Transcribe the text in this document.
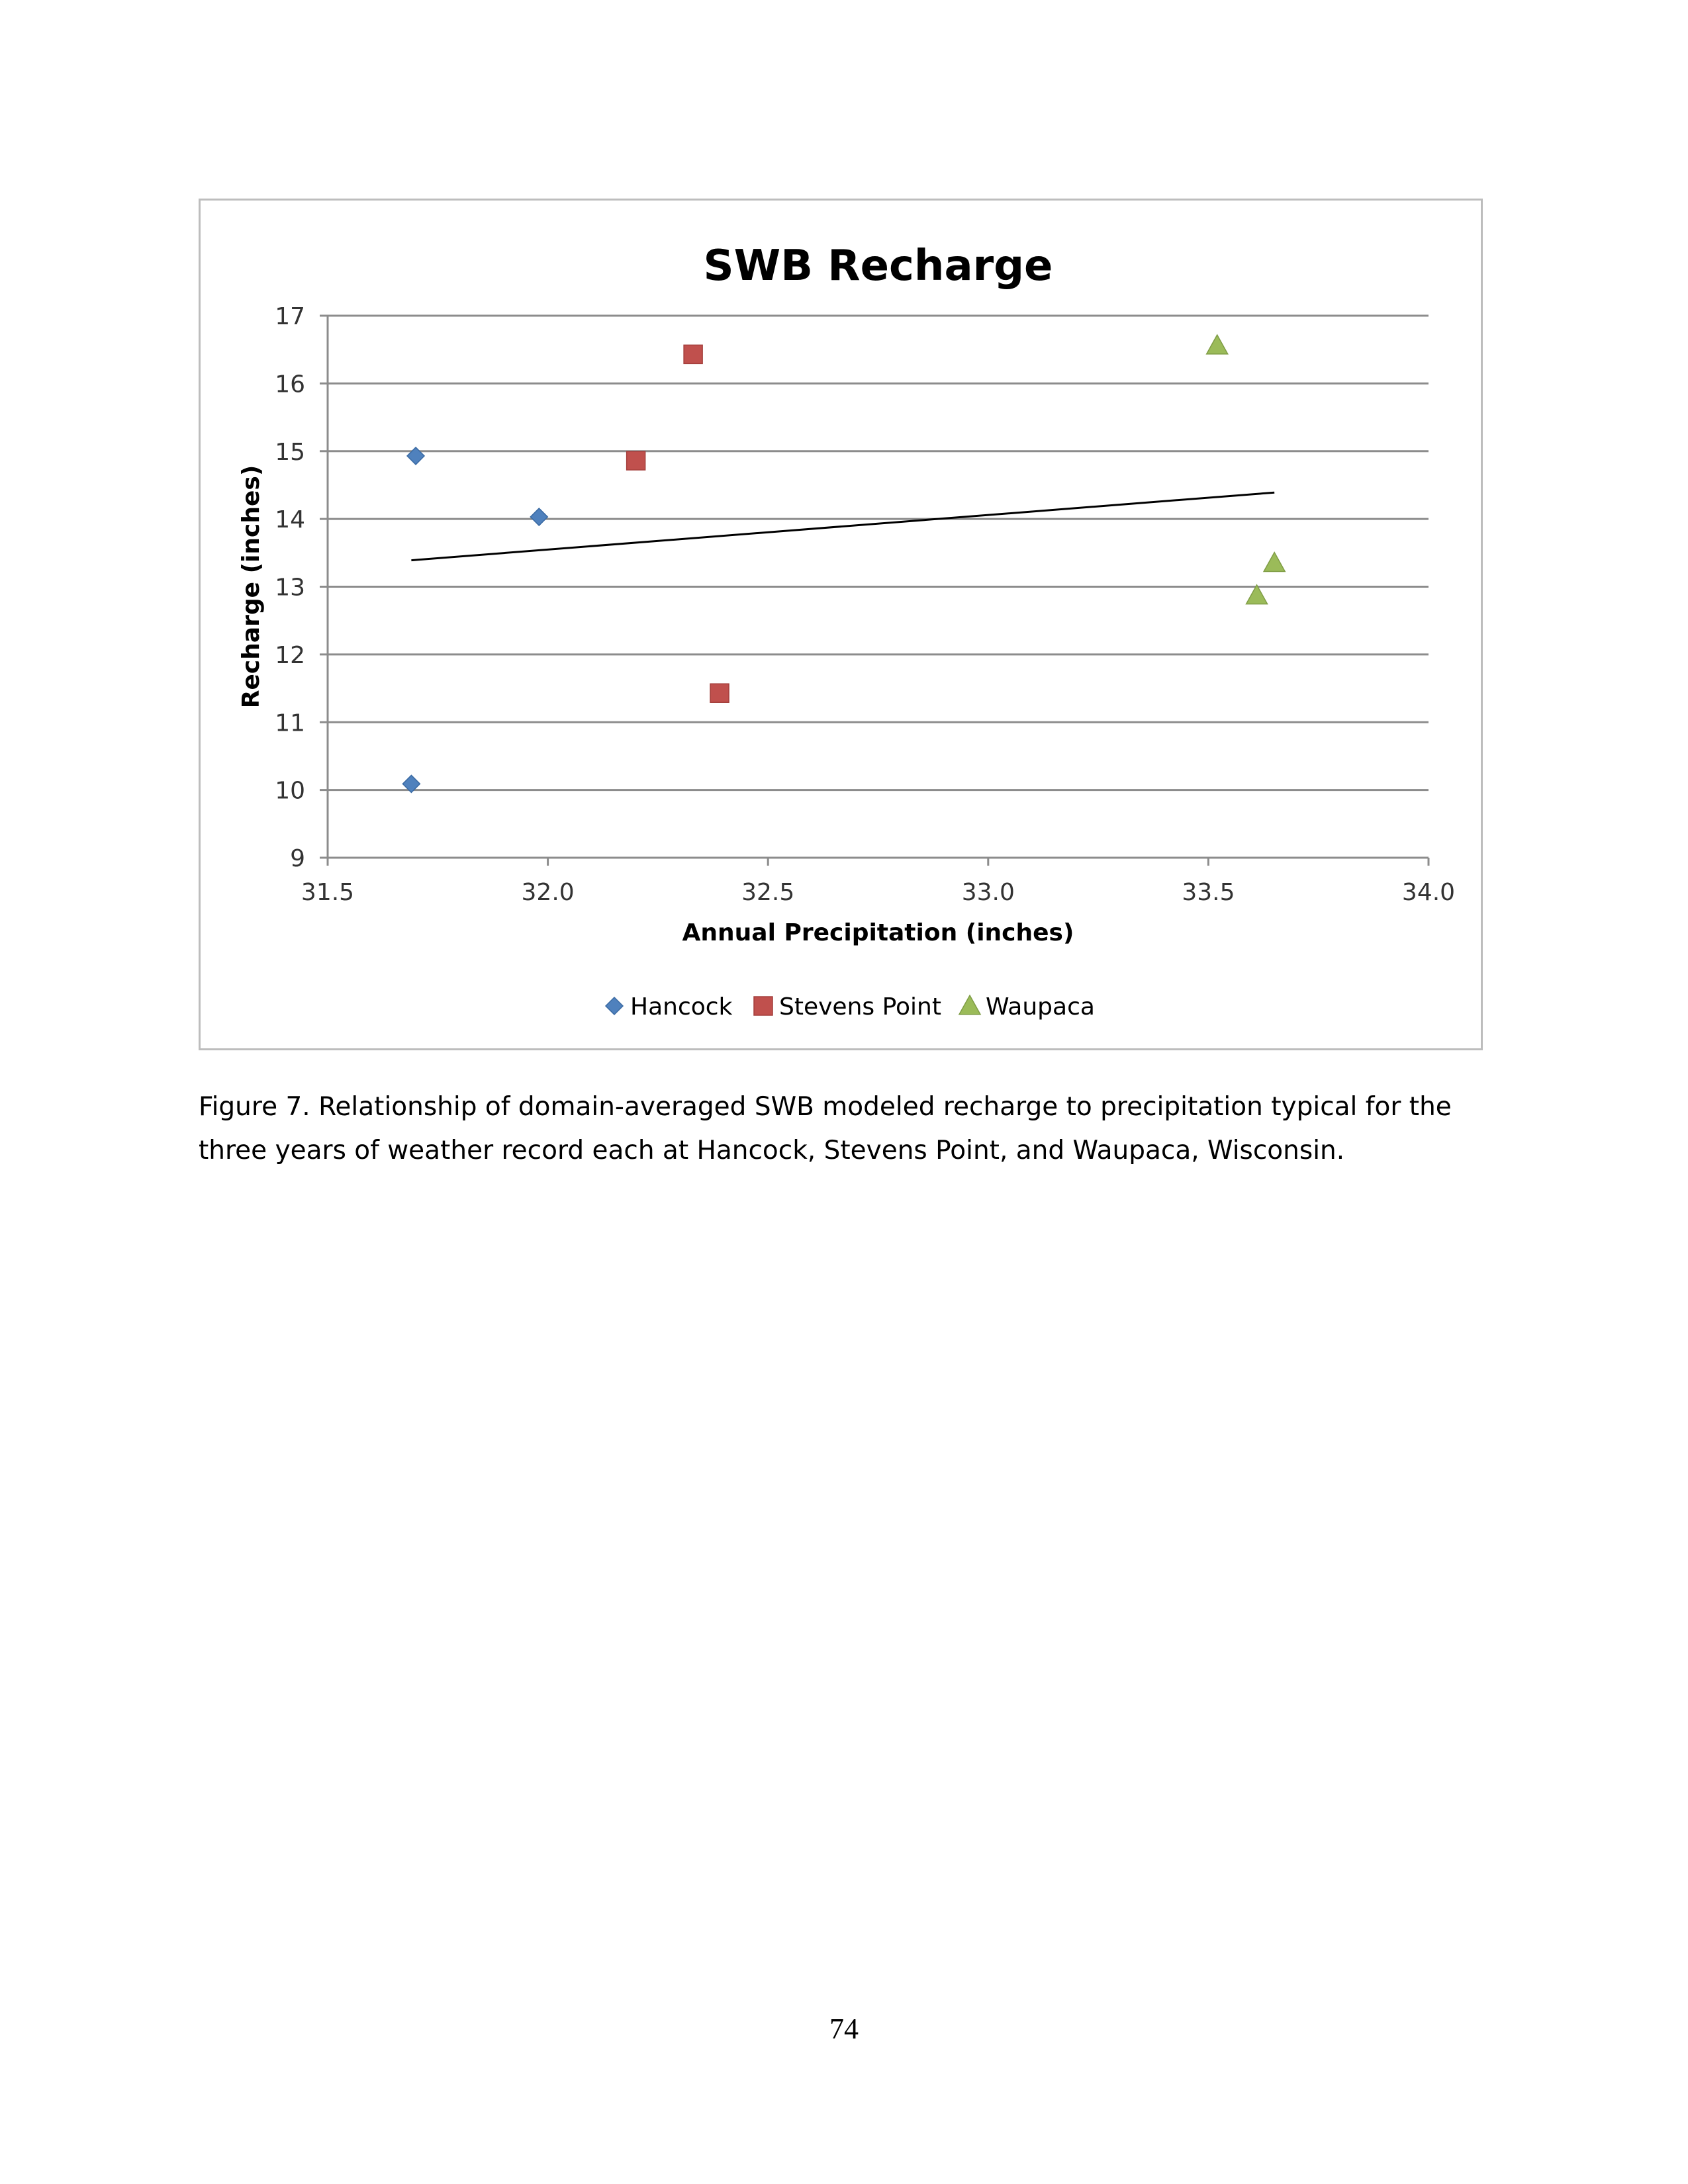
SWB Recharge
9
10
11
12
13
14
15
16
17
31.5	32.0	32.5	33.0	33.5	34.0
Annual Precipitation (inches)
Recharge (inches)
Hancock Stevens Point Waupaca
Figure 7. Relationship of domain-averaged SWB modeled recharge to precipitation typical for the three years of weather record each at Hancock, Stevens Point, and Waupaca, Wisconsin.
74
